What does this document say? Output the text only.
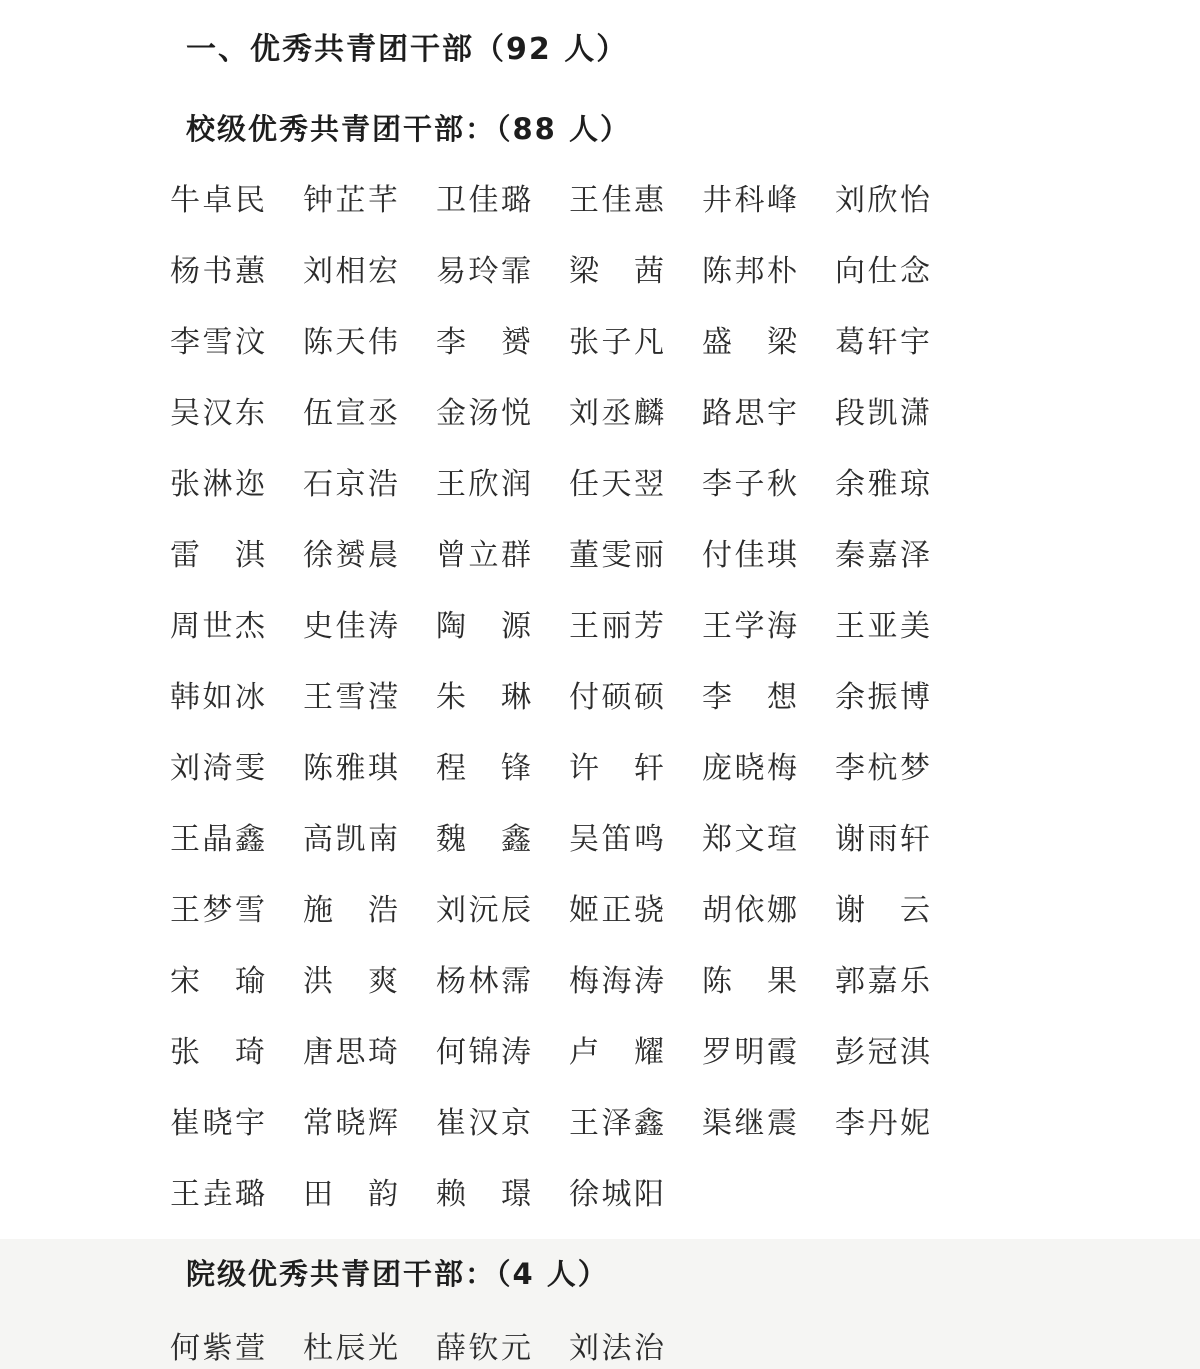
一、优秀共青团干部（92 人）
校级优秀共青团干部：（88 人）
牛卓民 钟芷芊 卫佳璐 王佳惠 井科峰 刘欣怡
杨书蕙 刘相宏 易玲霏 梁　茜 陈邦朴 向仕念
李雪汶 陈天伟 李　赟 张子凡 盛　梁 葛轩宇
吴汉东 伍宣丞 金汤悦 刘丞麟 路思宇 段凯潇
张淋迩 石京浩 王欣润 任天翌 李子秋 余雅琼
雷　淇 徐赟晨 曾立群 董雯丽 付佳琪 秦嘉泽
周世杰 史佳涛 陶　源 王丽芳 王学海 王亚美
韩如冰 王雪滢 朱　琳 付硕硕 李　想 余振博
刘渏雯 陈雅琪 程　锋 许　轩 庞晓梅 李杭梦
王晶鑫 高凯南 魏　鑫 吴笛鸣 郑文瑄 谢雨轩
王梦雪 施　浩 刘沅辰 姬正骁 胡依娜 谢　云
宋　瑜 洪　爽 杨林霈 梅海涛 陈　果 郭嘉乐
张　琦 唐思琦 何锦涛 卢　耀 罗明霞 彭冠淇
崔晓宇 常晓辉 崔汉京 王泽鑫 渠继震 李丹妮
王垚璐 田　韵 赖　璟 徐城阳
院级优秀共青团干部：（4 人）
何紫萱 杜辰光 薛钦元 刘法治
